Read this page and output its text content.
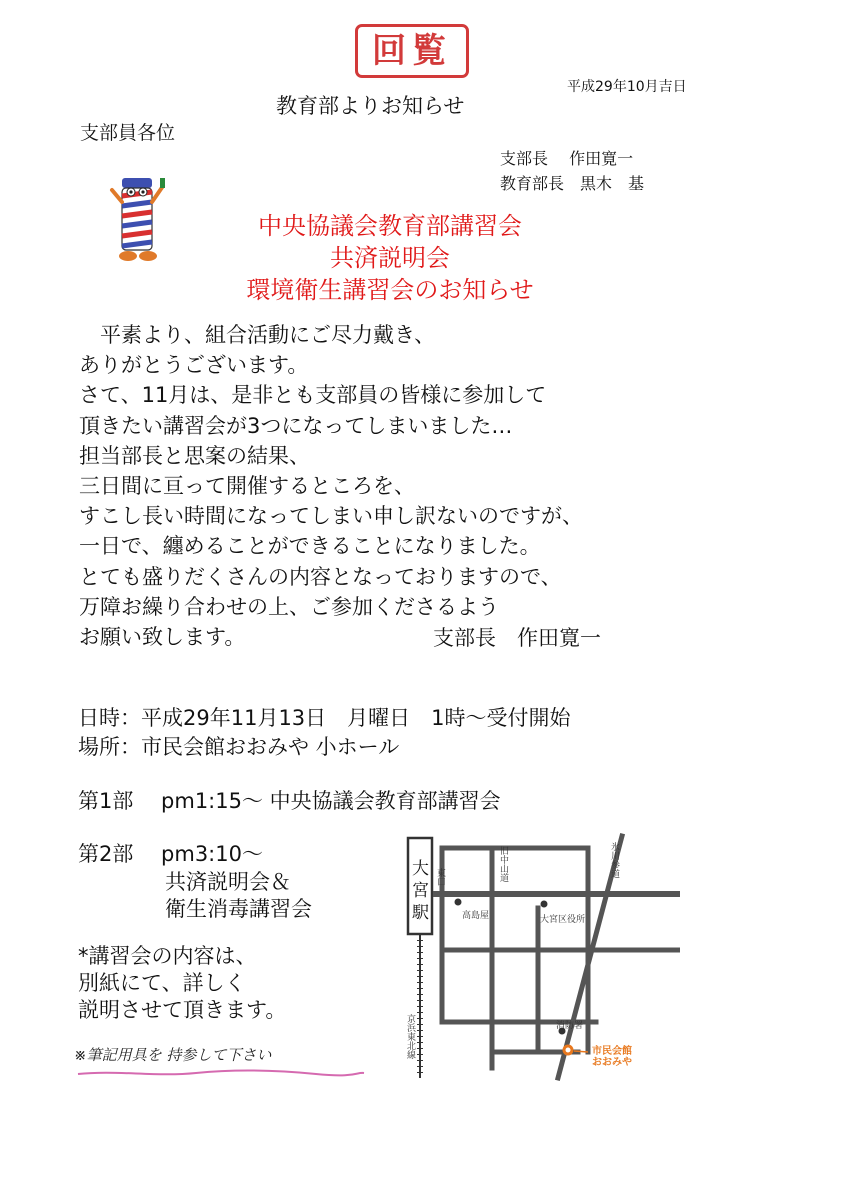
回覧
平成29年10月吉日
教育部よりお知らせ
支部員各位
支部長　 作田寛一
教育部長　黒木　基
中央協議会教育部講習会
共済説明会
環境衛生講習会のお知らせ
　平素より、組合活動にご尽力戴き、
ありがとうございます。
さて、11月は、是非とも支部員の皆様に参加して
頂きたい講習会が3つになってしまいました…
担当部長と思案の結果、
三日間に亘って開催するところを、
すこし長い時間になってしまい申し訳ないのですが、
一日で、纏めることができることになりました。
とても盛りだくさんの内容となっておりますので、
万障お繰り合わせの上、ご参加くださるよう
お願い致します。	支部長　作田寛一
日時：平成29年11月13日　月曜日　1時～受付開始
場所：市民会館おおみや 小ホール
第1部　 pm1:15～ 中央協議会教育部講習会
第2部　 pm3:10～
共済説明会＆
衛生消毒講習会
*講習会の内容は、
別紙にて、詳しく
説明させて頂きます。
※筆記用具を 持参して下さい
大
宮
駅
東口	旧中山道	氷川参道
京浜東北線
高島屋	大宮区役所
消防署
市民会館
おおみや
